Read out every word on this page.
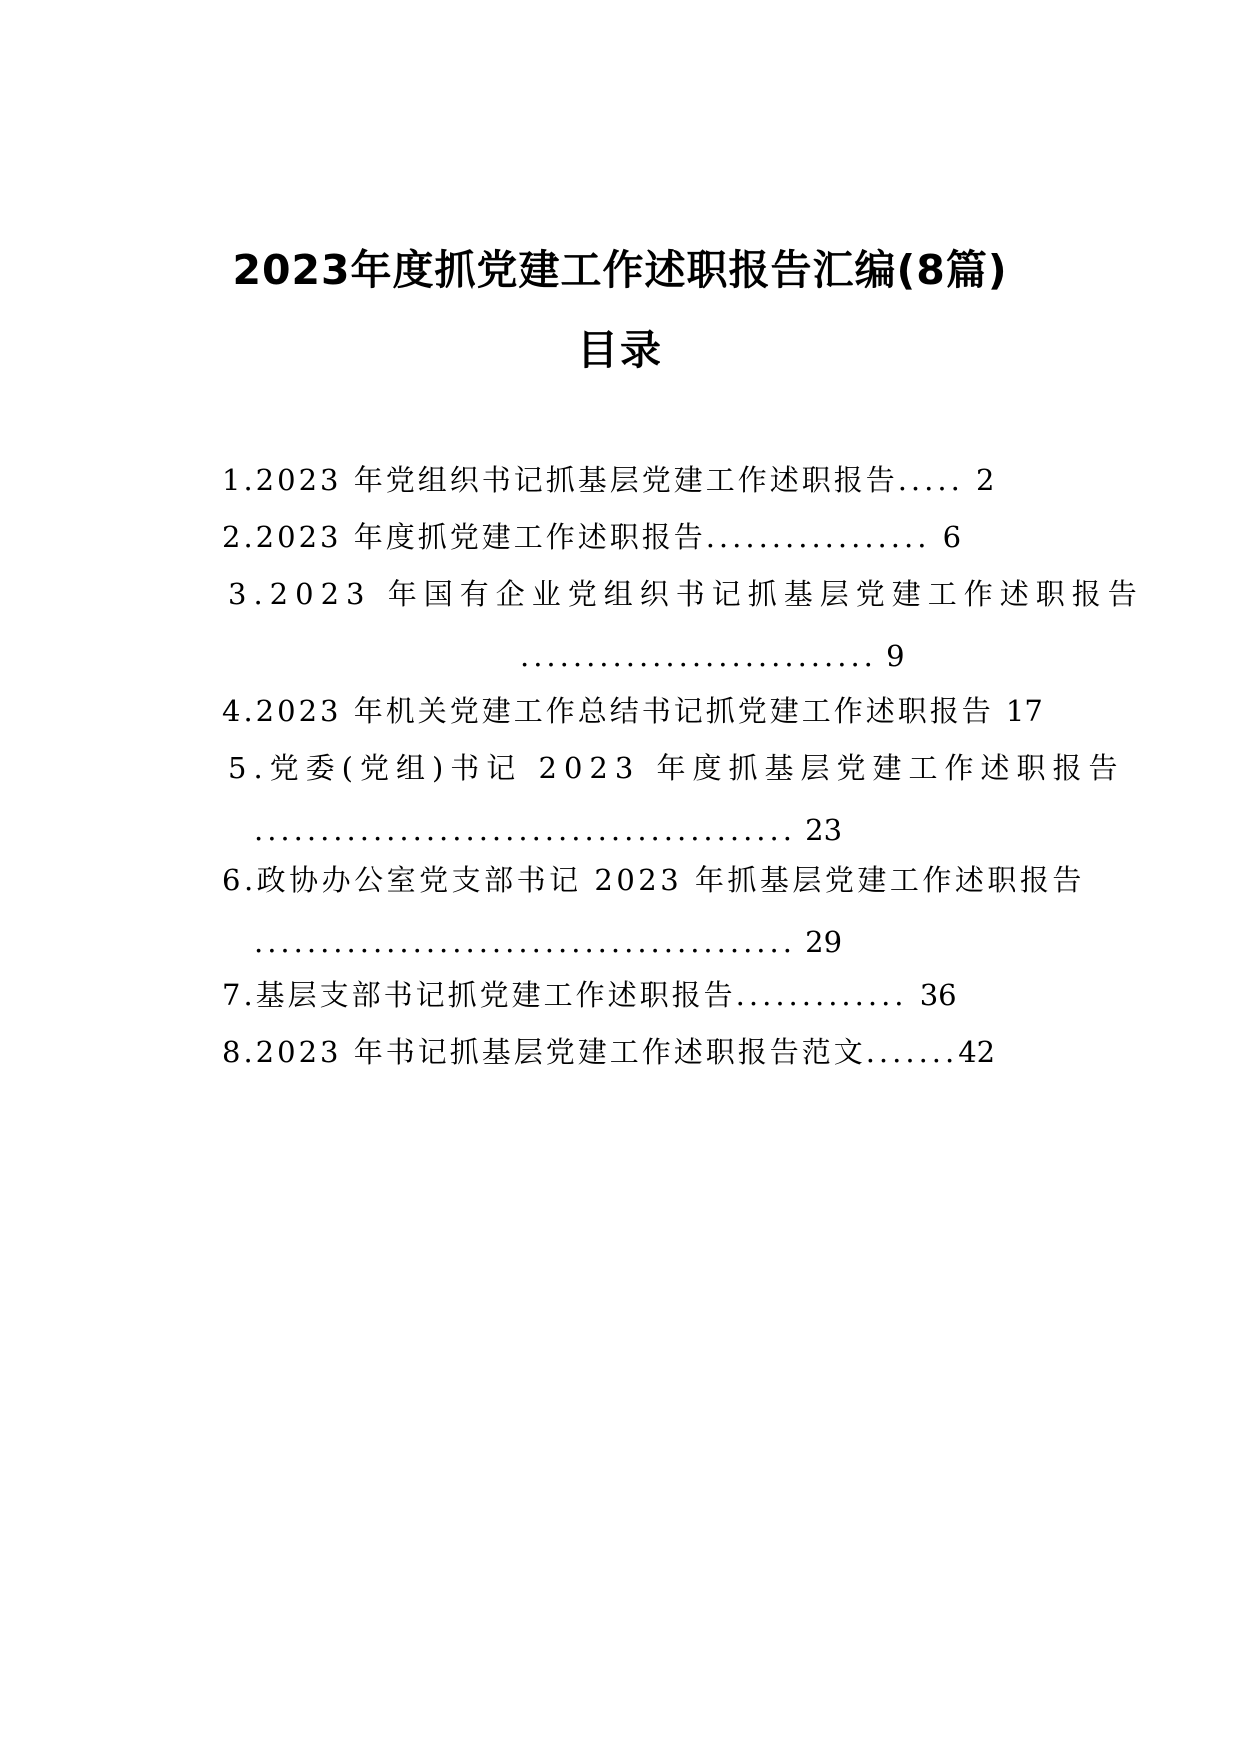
2023年度抓党建工作述职报告汇编(8篇)
目录
1.2023 年党组织书记抓基层党建工作述职报告..... 2
2.2023 年度抓党建工作述职报告................. 6
3.2023 年国有企业党组织书记抓基层党建工作述职报告
........................... 9
4.2023 年机关党建工作总结书记抓党建工作述职报告 17
5.党委(党组)书记 2023 年度抓基层党建工作述职报告
......................................... 23
6.政协办公室党支部书记 2023 年抓基层党建工作述职报告
......................................... 29
7.基层支部书记抓党建工作述职报告............. 36
8.2023 年书记抓基层党建工作述职报告范文.......42
